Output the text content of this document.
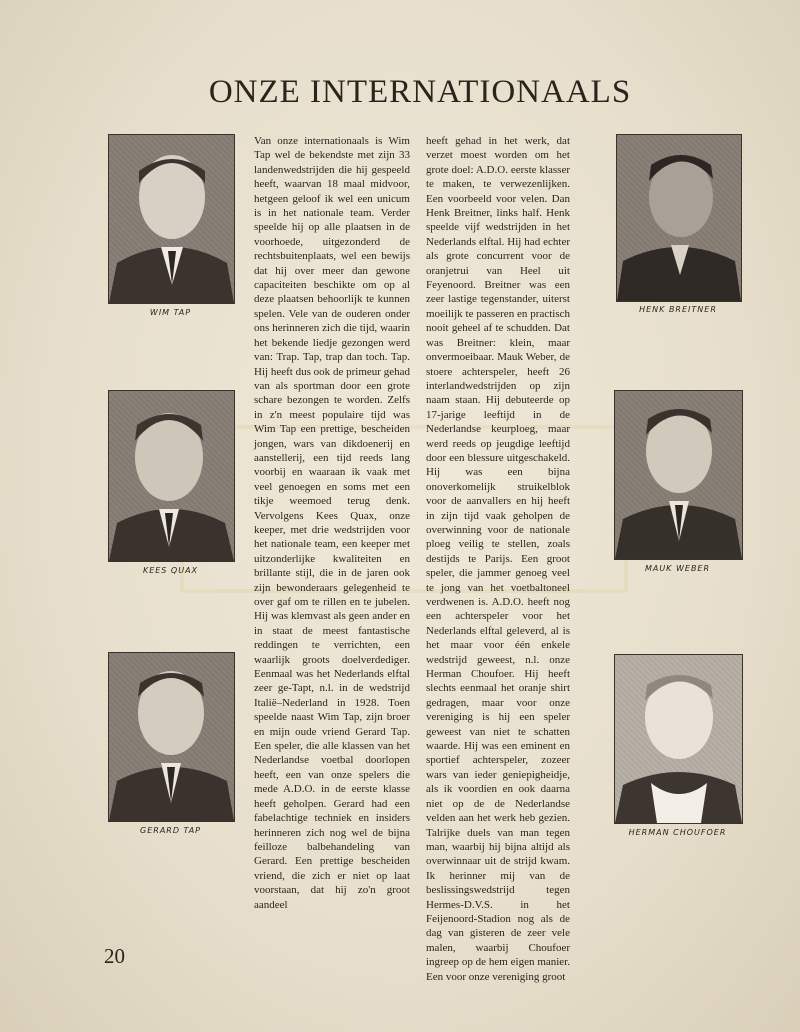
ONZE INTERNATIONAALS
WIM TAP	HENK BREITNER
KEES QUAX	MAUK WEBER
GERARD TAP	HERMAN CHOUFOER

Van onze internationaals is Wim Tap wel de bekendste met zijn 33 landenwedstrijden die hij gespeeld heeft, waarvan 18 maal midvoor, hetgeen geloof ik wel een unicum is in het nationale team. Verder speelde hij op alle plaatsen in de voorhoede, uitgezonderd de rechtsbuitenplaats, wel een bewijs dat hij over meer dan gewone capaciteiten beschikte om op al deze plaatsen behoorlijk te kunnen spelen. Vele van de ouderen onder ons herinneren zich die tijd, waarin het bekende liedje gezongen werd van: Trap. Tap, trap dan toch. Tap. Hij heeft dus ook de primeur gehad van als sportman door een grote schare bezongen te worden. Zelfs in z'n meest populaire tijd was Wim Tap een prettige, bescheiden jongen, wars van dikdoenerij en aanstellerij, een tijd reeds lang voorbij en waaraan ik vaak met veel genoegen en soms met een tikje weemoed terug denk. Vervolgens Kees Quax, onze keeper, met drie wedstrijden voor het nationale team, een keeper met uitzonderlijke kwaliteiten en brillante stijl, die in de jaren ook zijn bewonderaars gelegenheid te over gaf om te rillen en te jubelen. Hij was klemvast als geen ander en in staat de meest fantastische reddingen te verrichten, een waarlijk groots doelverdediger. Eenmaal was het Nederlands elftal zeer ge-Tapt, n.l. in de wedstrijd Italië–Nederland in 1928. Toen speelde naast Wim Tap, zijn broer en mijn oude vriend Gerard Tap. Een speler, die alle klassen van het Nederlandse voetbal doorlopen heeft, een van onze spelers die mede A.D.O. in de eerste klasse heeft geholpen. Gerard had een fabelachtige techniek en insiders herinneren zich nog wel de bijna feilloze balbehandeling van Gerard. Een prettige bescheiden vriend, die zich er niet op laat voorstaan, dat hij zo'n groot aandeel

heeft gehad in het werk, dat verzet moest worden om het grote doel: A.D.O. eerste klasser te maken, te verwezenlijken. Een voorbeeld voor velen. Dan Henk Breitner, links half. Henk speelde vijf wedstrijden in het Nederlands elftal. Hij had echter als grote concurrent voor de oranjetrui van Heel uit Feyenoord. Breitner was een zeer lastige tegenstander, uiterst moeilijk te passeren en practisch nooit geheel af te schudden. Dat was Breitner: klein, maar onvermoeibaar. Mauk Weber, de stoere achterspeler, heeft 26 interlandwedstrijden op zijn naam staan. Hij debuteerde op 17-jarige leeftijd in de Nederlandse keurploeg, maar werd reeds op jeugdige leeftijd door een blessure uitgeschakeld. Hij was een bijna onoverkomelijk struikelblok voor de aanvallers en hij heeft in zijn tijd vaak geholpen de overwinning voor de nationale ploeg veilig te stellen, zoals destijds te Parijs. Een groot speler, die jammer genoeg veel te jong van het voetbaltoneel verdwenen is. A.D.O. heeft nog een achterspeler voor het Nederlands elftal geleverd, al is het maar voor één enkele wedstrijd geweest, n.l. onze Herman Choufoer. Hij heeft slechts eenmaal het oranje shirt gedragen, maar voor onze vereniging is hij een speler geweest van niet te schatten waarde. Hij was een eminent en sportief achterspeler, zozeer wars van ieder geniepigheidje, als ik voordien en ook daarna niet op de de Nederlandse velden aan het werk heb gezien. Talrijke duels van man tegen man, waarbij hij bijna altijd als overwinnaar uit de strijd kwam. Ik herinner mij van de beslissingswedstrijd tegen Hermes-D.V.S. in het Feijenoord-Stadion nog als de dag van gisteren de zeer vele malen, waarbij Choufoer ingreep op de hem eigen manier. Een voor onze vereniging groot

20
